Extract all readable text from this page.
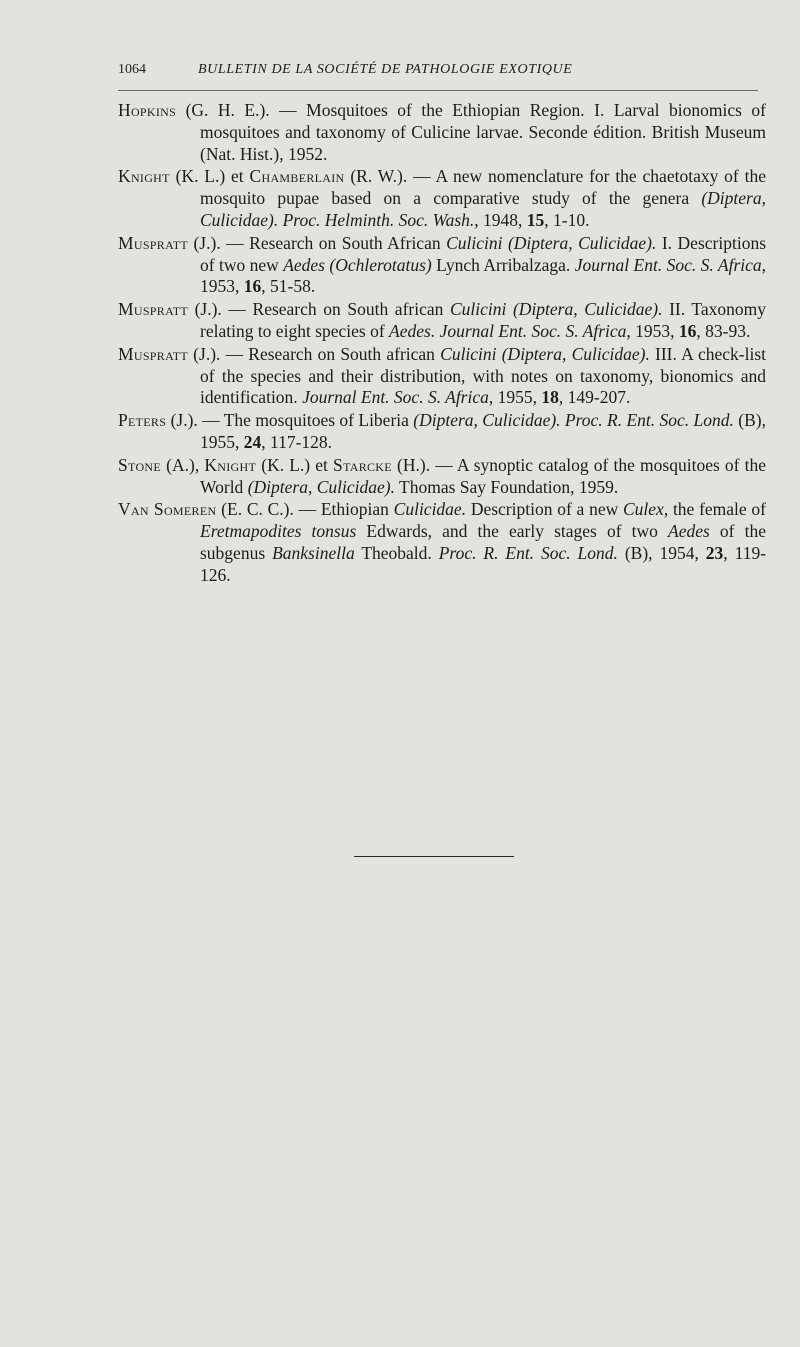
1064	BULLETIN DE LA SOCIÉTÉ DE PATHOLOGIE EXOTIQUE

Hopkins (G. H. E.). — Mosquitoes of the Ethiopian Region. I. Larval bionomics of mosquitoes and taxonomy of Culicine larvae. Seconde édition. British Museum (Nat. Hist.), 1952.

Knight (K. L.) et Chamberlain (R. W.). — A new nomenclature for the chaetotaxy of the mosquito pupae based on a comparative study of the genera (Diptera, Culicidae). Proc. Helminth. Soc. Wash., 1948, 15, 1-10.

Muspratt (J.). — Research on South African Culicini (Diptera, Culicidae). I. Descriptions of two new Aedes (Ochlerotatus) Lynch Arribalzaga. Journal Ent. Soc. S. Africa, 1953, 16, 51-58.

Muspratt (J.). — Research on South african Culicini (Diptera, Culicidae). II. Taxonomy relating to eight species of Aedes. Journal Ent. Soc. S. Africa, 1953, 16, 83-93.

Muspratt (J.). — Research on South african Culicini (Diptera, Culicidae). III. A check-list of the species and their distribution, with notes on taxonomy, bionomics and identification. Journal Ent. Soc. S. Africa, 1955, 18, 149-207.

Peters (J.). — The mosquitoes of Liberia (Diptera, Culicidae). Proc. R. Ent. Soc. Lond. (B), 1955, 24, 117-128.

Stone (A.), Knight (K. L.) et Starcke (H.). — A synoptic catalog of the mosquitoes of the World (Diptera, Culicidae). Thomas Say Foundation, 1959.

Van Someren (E. C. C.). — Ethiopian Culicidae. Description of a new Culex, the female of Eretmapodites tonsus Edwards, and the early stages of two Aedes of the subgenus Banksinella Theobald. Proc. R. Ent. Soc. Lond. (B), 1954, 23, 119-126.
